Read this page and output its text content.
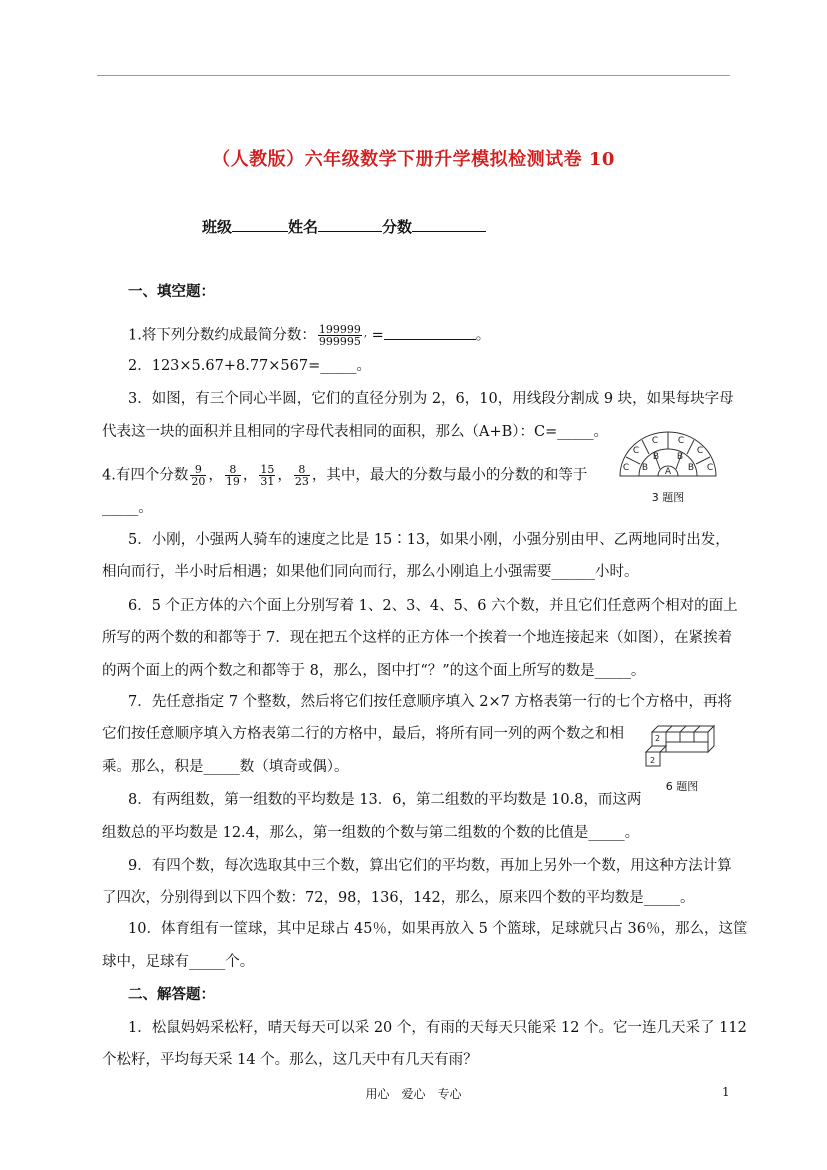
（人教版）六年级数学下册升学模拟检测试卷 10
班级	姓名	分数
一、填空题：
1.将下列分数约成最简分数： $\frac{199999}{999995} ^,$ =	。
2．123×5.67+8.77×567=_____。
3．如图，有三个同心半圆，它们的直径分别为 2，6，10，用线段分割成 9 块，如果每块字母
代表这一块的面积并且相同的字母代表相同的面积，那么（A+B）：C=_____。
4.有四个分数 $\frac{9}{20}$ ， $\frac{8}{19}$ ， $\frac{15}{31}$ ， $\frac{8}{23}$ ，其中，最大的分数与最小的分数的和等于
_____。
5．小刚，小强两人骑车的速度之比是 15∶13，如果小刚，小强分别由甲、乙两地同时出发，
相向而行，半小时后相遇；如果他们同向而行，那么小刚追上小强需要______小时。
6．5 个正方体的六个面上分别写着 1、2、3、4、5、6 六个数，并且它们任意两个相对的面上
所写的两个数的和都等于 7．现在把五个这样的正方体一个挨着一个地连接起来（如图），在紧挨着
的两个面上的两个数之和都等于 8，那么，图中打“？”的这个面上所写的数是_____。
7．先任意指定 7 个整数，然后将它们按任意顺序填入 2×7 方格表第一行的七个方格中，再将
它们按任意顺序填入方格表第二行的方格中，最后，将所有同一列的两个数之和相
乘。那么，积是_____数（填奇或偶）。
8．有两组数，第一组数的平均数是 13．6，第二组数的平均数是 10.8，而这两
组数总的平均数是 12.4，那么，第一组数的个数与第二组数的个数的比值是_____。
9．有四个数，每次选取其中三个数，算出它们的平均数，再加上另外一个数，用这种方法计算
了四次，分别得到以下四个数：72，98，136，142，那么，原来四个数的平均数是_____。
10．体育组有一筐球，其中足球占 45％，如果再放入 5 个篮球，足球就只占 36％，那么，这筐
球中，足球有_____个。
二、解答题：
1．松鼠妈妈采松籽，晴天每天可以采 20 个，有雨的天每天只能采 12 个。它一连几天采了 112
个松籽，平均每天采 14 个。那么，这几天中有几天有雨？
C
C
C C
C
C
B
B B
B
A
3 题图
2
2
6 题图
用心　爱心　专心	1
